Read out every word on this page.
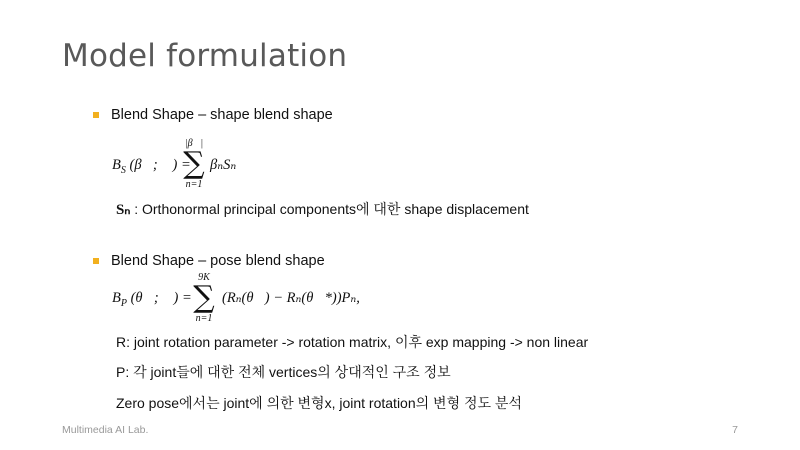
Model formulation
Blend Shape – shape blend shape
$B_S$ (β⃗; 𝒮) =
|β⃗|
∑
n=1
βₙSₙ
Sₙ : Orthonormal principal components에 대한 shape displacement
Blend Shape – pose blend shape
$B_P$ (θ⃗; 𝒫) =
9K
∑
n=1
(Rₙ(θ⃗) − Rₙ(θ⃗*))Pₙ,
R: joint rotation parameter -> rotation matrix, 이후 exp mapping -> non linear
P: 각 joint들에 대한 전체 vertices의 상대적인 구조 정보
Zero pose에서는 joint에 의한 변형x, joint rotation의 변형 정도 분석
Multimedia AI Lab.	7
